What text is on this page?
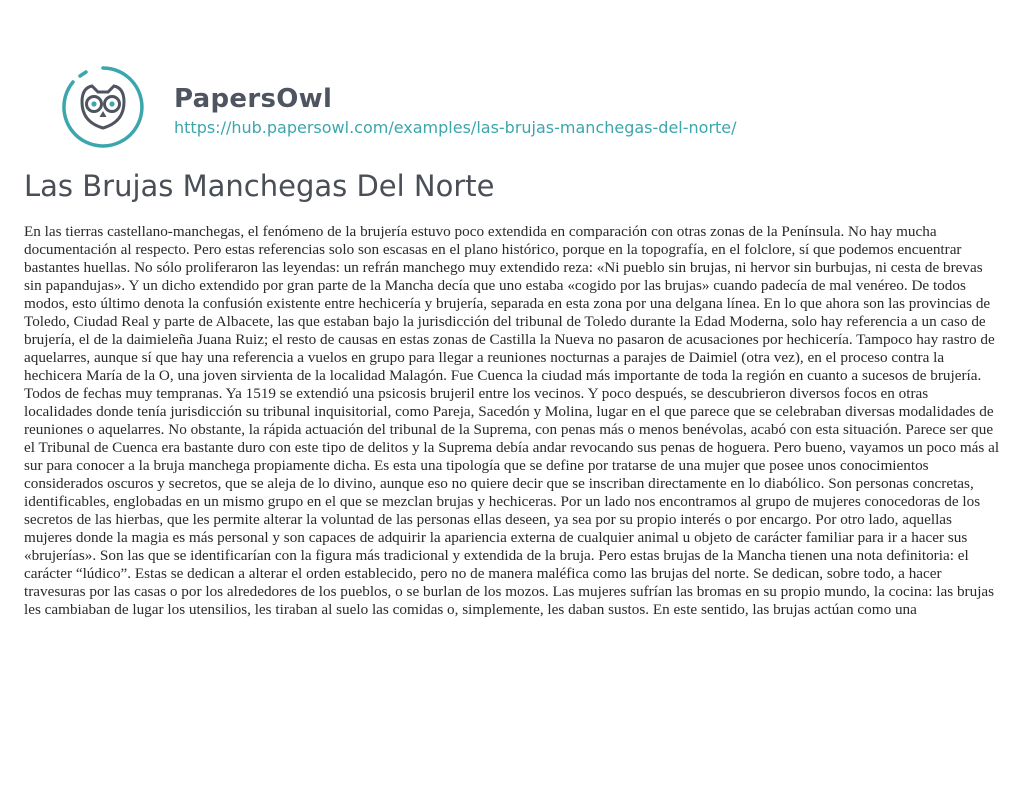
PapersOwl
https://hub.papersowl.com/examples/las-brujas-manchegas-del-norte/
Las Brujas Manchegas Del Norte

En las tierras castellano-manchegas, el fenómeno de la brujería estuvo poco extendida en comparación con otras zonas de la Península. No hay mucha documentación al respecto. Pero estas referencias solo son escasas en el plano histórico, porque en la topografía, en el folclore, sí que podemos encuentrar bastantes huellas. No sólo proliferaron las leyendas: un refrán manchego muy extendido reza: «Ni pueblo sin brujas, ni hervor sin burbujas, ni cesta de brevas sin papandujas». Y un dicho extendido por gran parte de la Mancha decía que uno estaba «cogido por las brujas» cuando padecía de mal venéreo. De todos modos, esto último denota la confusión existente entre hechicería y brujería, separada en esta zona por una delgana línea. En lo que ahora son las provincias de Toledo, Ciudad Real y parte de Albacete, las que estaban bajo la jurisdicción del tribunal de Toledo durante la Edad Moderna, solo hay referencia a un caso de brujería, el de la daimieleña Juana Ruiz; el resto de causas en estas zonas de Castilla la Nueva no pasaron de acusaciones por hechicería. Tampoco hay rastro de aquelarres, aunque sí que hay una referencia a vuelos en grupo para llegar a reuniones nocturnas a parajes de Daimiel (otra vez), en el proceso contra la hechicera María de la O, una joven sirvienta de la localidad Malagón. Fue Cuenca la ciudad más importante de toda la región en cuanto a sucesos de brujería. Todos de fechas muy tempranas. Ya 1519 se extendió una psicosis brujeril entre los vecinos. Y poco después, se descubrieron diversos focos en otras localidades donde tenía jurisdicción su tribunal inquisitorial, como Pareja, Sacedón y Molina, lugar en el que parece que se celebraban diversas modalidades de reuniones o aquelarres. No obstante, la rápida actuación del tribunal de la Suprema, con penas más o menos benévolas, acabó con esta situación. Parece ser que el Tribunal de Cuenca era bastante duro con este tipo de delitos y la Suprema debía andar revocando sus penas de hoguera. Pero bueno, vayamos un poco más al sur para conocer a la bruja manchega propiamente dicha. Es esta una tipología que se define por tratarse de una mujer que posee unos conocimientos considerados oscuros y secretos, que se aleja de lo divino, aunque eso no quiere decir que se inscriban directamente en lo diabólico. Son personas concretas, identificables, englobadas en un mismo grupo en el que se mezclan brujas y hechiceras. Por un lado nos encontramos al grupo de mujeres conocedoras de los secretos de las hierbas, que les permite alterar la voluntad de las personas ellas deseen, ya sea por su propio interés o por encargo. Por otro lado, aquellas mujeres donde la magia es más personal y son capaces de adquirir la apariencia externa de cualquier animal u objeto de carácter familiar para ir a hacer sus «brujerías». Son las que se identificarían con la figura más tradicional y extendida de la bruja. Pero estas brujas de la Mancha tienen una nota definitoria: el carácter “lúdico”. Estas se dedican a alterar el orden establecido, pero no de manera maléfica como las brujas del norte. Se dedican, sobre todo, a hacer travesuras por las casas o por los alrededores de los pueblos, o se burlan de los mozos. Las mujeres sufrían las bromas en su propio mundo, la cocina: las brujas les cambiaban de lugar los utensilios, les tiraban al suelo las comidas o, simplemente, les daban sustos. En este sentido, las brujas actúan como una
